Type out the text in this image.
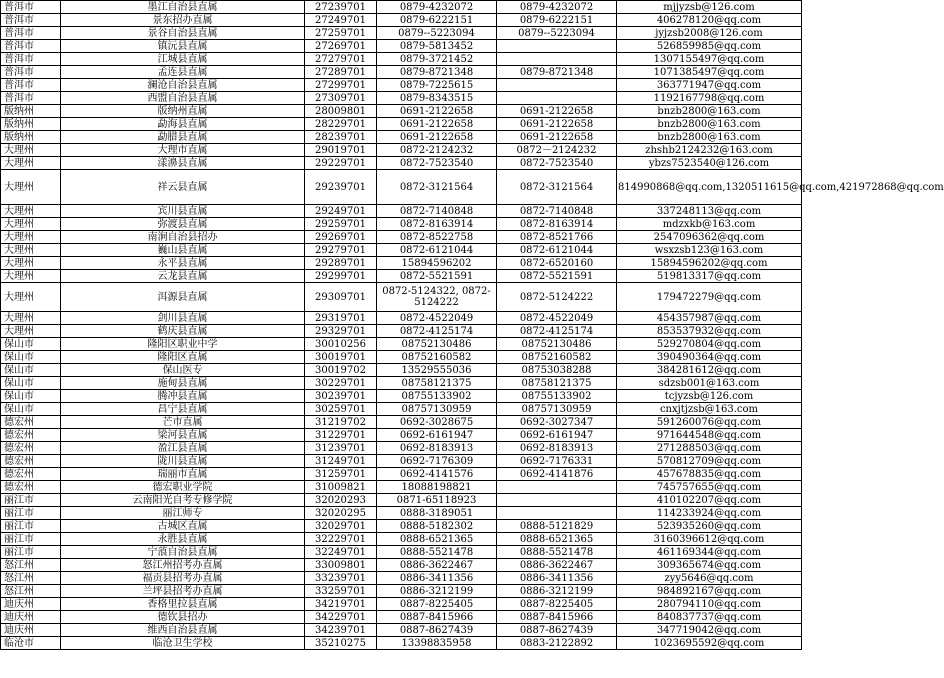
普洱市	墨江自治县直属	27239701	0879-4232072	0879-4232072	mjjyzsb@126.com
普洱市	景东招办直属	27249701	0879-6222151	0879-6222151	406278120@qq.com
普洱市	景谷自治县直属	27259701	0879--5223094	0879--5223094	jyjzsb2008@126.com
普洱市	镇沅县直属	27269701	0879-5813452		526859985@qq.com
普洱市	江城县直属	27279701	0879-3721452		1307155497@qq.com
普洱市	孟连县直属	27289701	0879-8721348	0879-8721348	1071385497@qq.com
普洱市	澜沧自治县直属	27299701	0879-7225615		363771947@qq.com
普洱市	西盟自治县直属	27309701	0879-8343515		1192167798@qq.com
版纳州	版纳州直属	28009801	0691-2122658	0691-2122658	bnzb2800@163.com
版纳州	勐海县直属	28229701	0691-2122658	0691-2122658	bnzb2800@163.com
版纳州	勐腊县直属	28239701	0691-2122658	0691-2122658	bnzb2800@163.com
大理州	大理市直属	29019701	0872-2124232	0872－2124232	zhshb2124232@163.com
大理州	漾濞县直属	29229701	0872-7523540	0872-7523540	ybzs7523540@126.com
大理州	祥云县直属	29239701	0872-3121564	0872-3121564	814990868@qq.com,1320511615@qq.com,421972868@qq.com
大理州	宾川县直属	29249701	0872-7140848	0872-7140848	337248113@qq.com
大理州	弥渡县直属	29259701	0872-8163914	0872-8163914	mdzxkb@163.com
大理州	南涧自治县招办	29269701	0872-8522758	0872-8521766	2547096362@qq.com
大理州	巍山县直属	29279701	0872-6121044	0872-6121044	wsxzsb123@163.com
大理州	永平县直属	29289701	15894596202	0872-6520160	15894596202@qq.com
大理州	云龙县直属	29299701	0872-5521591	0872-5521591	519813317@qq.com
大理州	洱源县直属	29309701	0872-5124322, 0872-5124222	0872-5124222	179472279@qq.com
大理州	剑川县直属	29319701	0872-4522049	0872-4522049	454357987@qq.com
大理州	鹤庆县直属	29329701	0872-4125174	0872-4125174	853537932@qq.com
保山市	隆阳区职业中学	30010256	08752130486	08752130486	529270804@qq.com
保山市	隆阳区直属	30019701	08752160582	08752160582	390490364@qq.com
保山市	保山医专	30019702	13529555036	08753038288	384281612@qq.com
保山市	施甸县直属	30229701	08758121375	08758121375	sdzsb001@163.com
保山市	腾冲县直属	30239701	08755133902	08755133902	tcjyzsb@126.com
保山市	昌宁县直属	30259701	08757130959	08757130959	cnxjtjzsb@163.com
德宏州	芒市直属	31219702	0692-3028675	0692-3027347	591260076@qq.com
德宏州	梁河县直属	31229701	0692-6161947	0692-6161947	971644548@qq.com
德宏州	盈江县直属	31239701	0692-8183913	0692-8183913	271288503@qq.com
德宏州	陇川县直属	31249701	0692-7176309	0692-7176331	570812709@qq.com
德宏州	瑞丽市直属	31259701	0692-4141576	0692-4141876	457678835@qq.com
德宏州	德宏职业学院	31009821	18088198821		745757655@qq.com
丽江市	云南阳光自考专修学院	32020293	0871-65118923		410102207@qq.com
丽江市	丽江师专	32020295	0888-3189051		114233924@qq.com
丽江市	古城区直属	32029701	0888-5182302	0888-5121829	523935260@qq.com
丽江市	永胜县直属	32229701	0888-6521365	0888-6521365	3160396612@qq.com
丽江市	宁蒗自治县直属	32249701	0888-5521478	0888-5521478	461169344@qq.com
怒江州	怒江州招考办直属	33009801	0886-3622467	0886-3622467	309365674@qq.com
怒江州	福贡县招考办直属	33239701	0886-3411356	0886-3411356	zyy5646@qq.com
怒江州	兰坪县招考办直属	33259701	0886-3212199	0886-3212199	984892167@qq.com
迪庆州	香格里拉县直属	34219701	0887-8225405	0887-8225405	280794110@qq.com
迪庆州	德钦县招办	34229701	0887-8415966	0887-8415966	840837737@qq.com
迪庆州	维西自治县直属	34239701	0887-8627439	0887-8627439	347719042@qq.com
临沧市	临沧卫生学校	35210275	13398835958	0883-2122892	1023695592@qq.com
